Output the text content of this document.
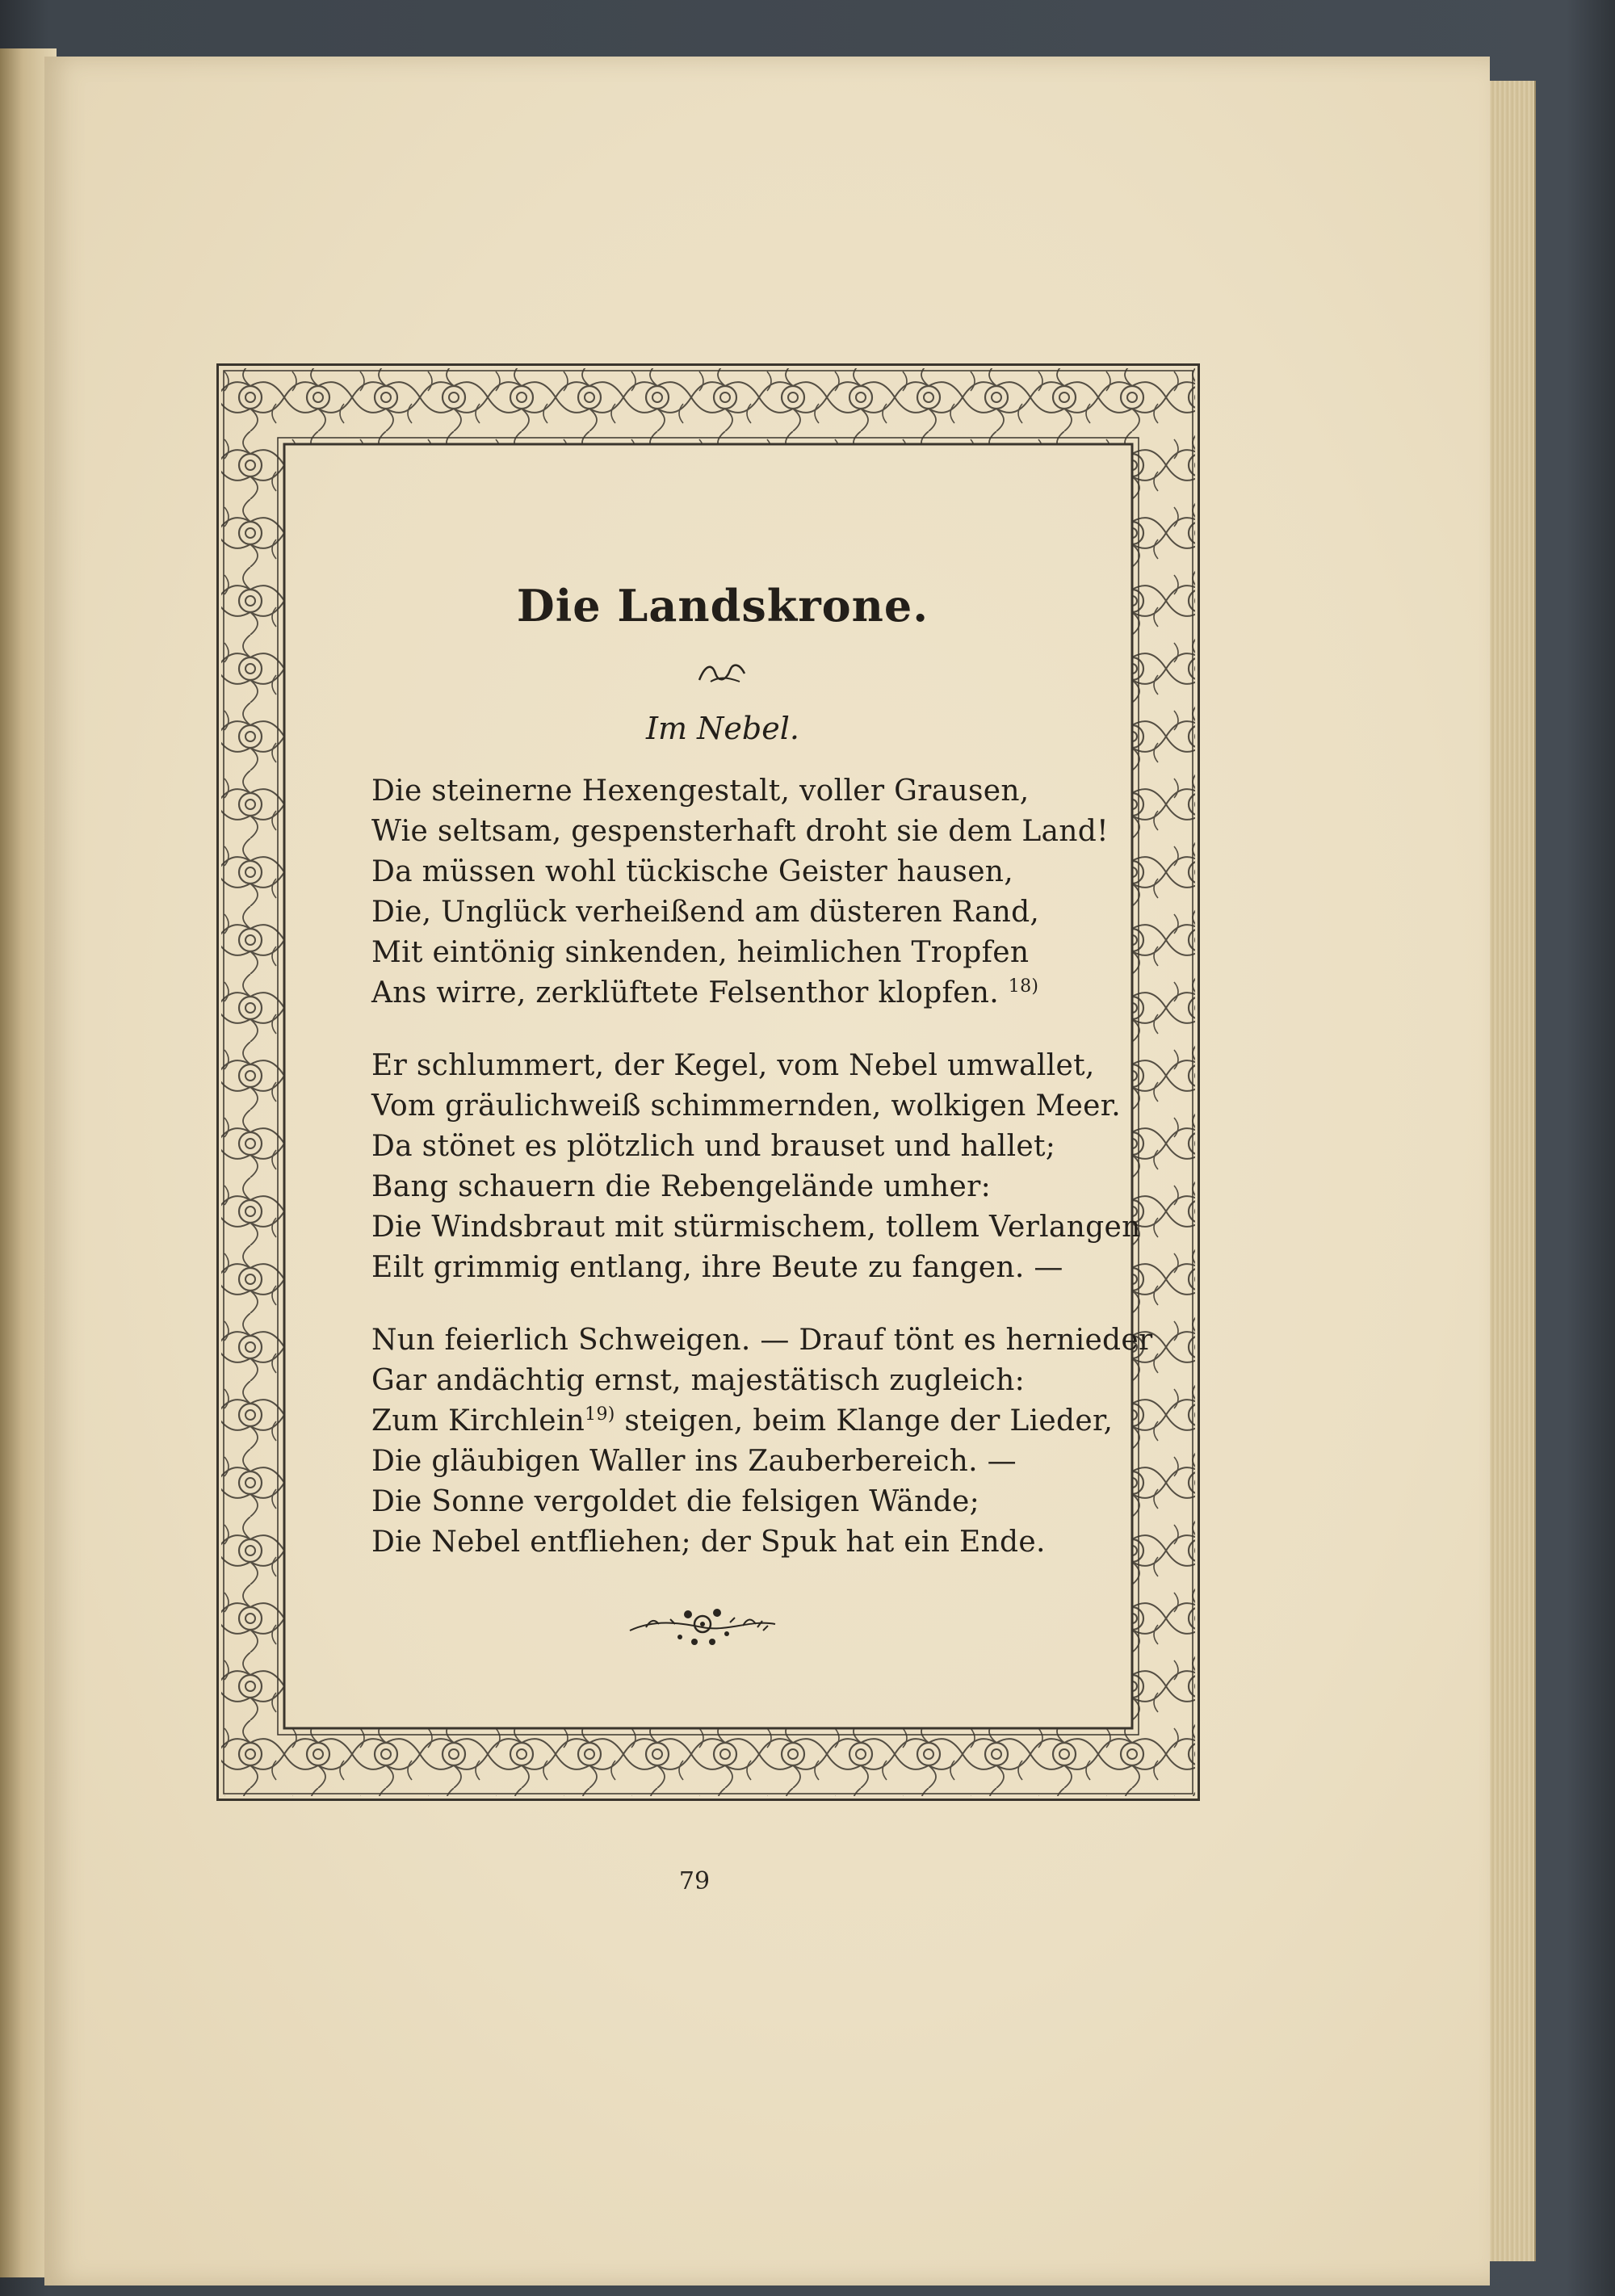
Die Landskrone.
Im Nebel.
Die steinerne Hexengestalt, voller Grausen,
Wie seltsam, gespensterhaft droht sie dem Land!
Da müssen wohl tückische Geister hausen,
Die, Unglück verheißend am düsteren Rand,
Mit eintönig sinkenden, heimlichen Tropfen
Ans wirre, zerklüftete Felsenthor klopfen. $^{18)}$
Er schlummert, der Kegel, vom Nebel umwallet,
Vom gräulichweiß schimmernden, wolkigen Meer.
Da stönet es plötzlich und brauset und hallet;
Bang schauern die Rebengelände umher:
Die Windsbraut mit stürmischem, tollem Verlangen
Eilt grimmig entlang, ihre Beute zu fangen. —
Nun feierlich Schweigen. — Drauf tönt es hernieder
Gar andächtig ernst, majestätisch zugleich:
Zum Kirchlein$^{19)}$ steigen, beim Klange der Lieder,
Die gläubigen Waller ins Zauberbereich. —
Die Sonne vergoldet die felsigen Wände;
Die Nebel entfliehen; der Spuk hat ein Ende.
79
